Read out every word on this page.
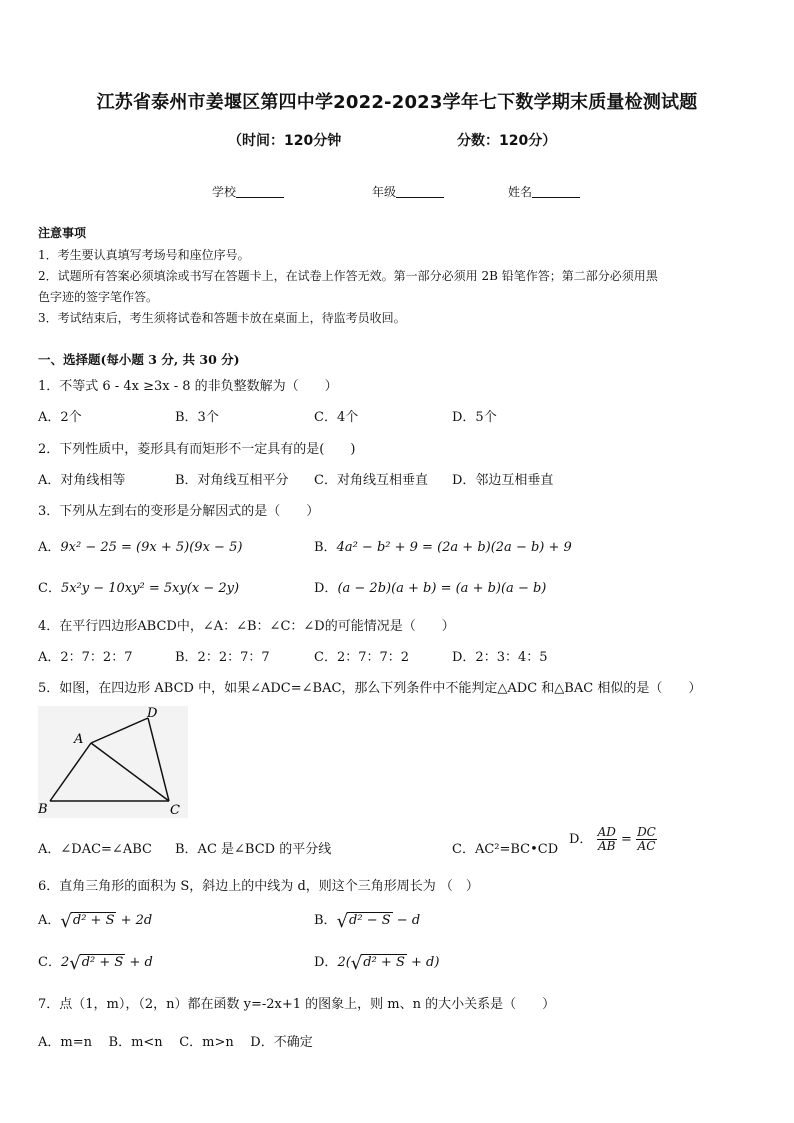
江苏省泰州市姜堰区第四中学2022-2023学年七下数学期末质量检测试题
（时间：120分钟	分数：120分）
学校	年级	姓名
注意事项
1．考生要认真填写考场号和座位序号。
2．试题所有答案必须填涂或书写在答题卡上，在试卷上作答无效。第一部分必须用 2B 铅笔作答；第二部分必须用黑
色字迹的签字笔作答。
3．考试结束后，考生须将试卷和答题卡放在桌面上，待监考员收回。
一、选择题(每小题 3 分, 共 30 分)
1．不等式 6 - 4x ≥3x - 8 的非负整数解为（　　）
A．2个	B．3个	C．4个	D．5个
2．下列性质中，菱形具有而矩形不一定具有的是(　　)
A．对角线相等	B．对角线互相平分 C．对角线互相垂直 D．邻边互相垂直
3．下列从左到右的变形是分解因式的是（　　）
A．9x² − 25 = (9x + 5)(9x − 5)	B．4a² − b² + 9 = (2a + b)(2a − b) + 9
C．5x²y − 10xy² = 5xy(x − 2y)	D．(a − 2b)(a + b) = (a + b)(a − b)
4．在平行四边形ABCD中，∠A：∠B：∠C：∠D的可能情况是（　　）
A．2：7：2：7	B．2：2：7：7	C．2：7：7：2	D．2：3：4：5
5．如图，在四边形 ABCD 中，如果∠ADC=∠BAC，那么下列条件中不能判定△ADC 和△BAC 相似的是（　　）
A
B	C
D
A．∠DAC=∠ABC B．AC 是∠BCD 的平分线	C．AC²=BC•CD
D． $\frac{AD}{AB} = \frac{DC}{AC}$
6．直角三角形的面积为 S，斜边上的中线为 d，则这个三角形周长为 （　）
A．√d² + S + 2d	B．√d² − S − d
C．2√d² + S + d	D．2(√d² + S + d)
7．点（1，m），（2，n）都在函数 y=-2x+1 的图象上，则 m、n 的大小关系是（　　）
A．m=n B．m<n C．m>n D．不确定
